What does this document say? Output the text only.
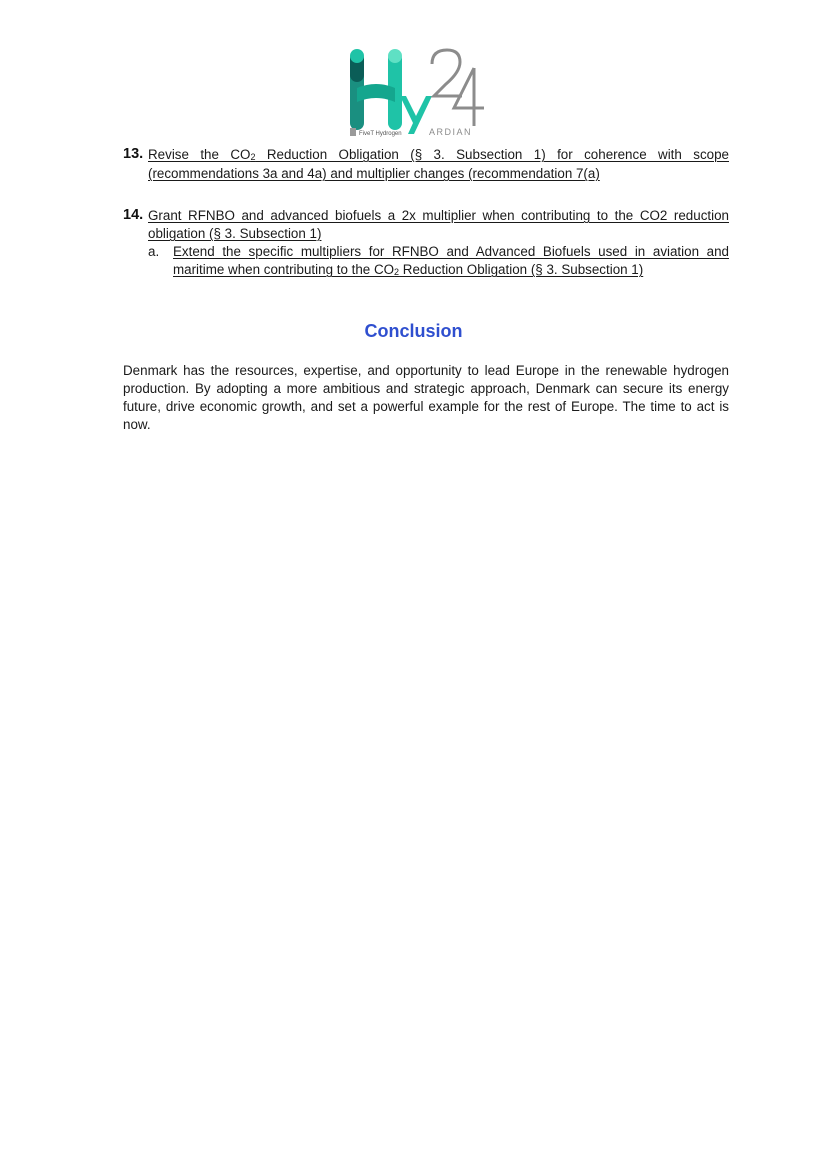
FiveT Hydrogen	ARDIAN
13. Revise the $CO_2$ Reduction Obligation (§ 3. Subsection 1) for coherence with scope (recommendations 3a and 4a) and multiplier changes (recommendation 7(a)
14. Grant RFNBO and advanced biofuels a 2x multiplier when contributing to the CO2 reduction obligation (§ 3. Subsection 1)
a. Extend the specific multipliers for RFNBO and Advanced Biofuels used in aviation and maritime when contributing to the $CO_2$ Reduction Obligation (§ 3. Subsection 1)
Conclusion
Denmark has the resources, expertise, and opportunity to lead Europe in the renewable hydrogen production. By adopting a more ambitious and strategic approach, Denmark can secure its energy future, drive economic growth, and set a powerful example for the rest of Europe. The time to act is now.
